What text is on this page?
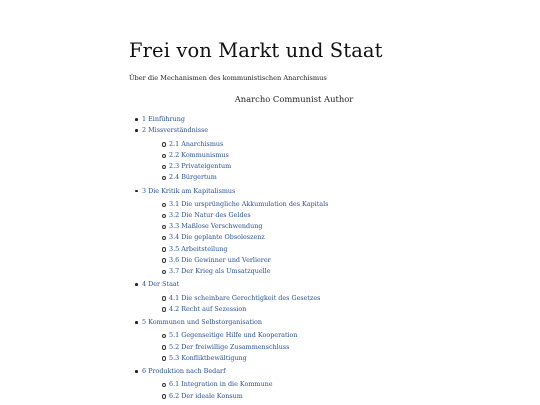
Frei von Markt und Staat
Über die Mechanismen des kommunistischen Anarchismus
Anarcho Communist Author
1 Einführung
2 Missverständnisse
2.1 Anarchismus
2.2 Kommunismus
2.3 Privateigentum
2.4 Bürgertum
3 Die Kritik am Kapitalismus
3.1 Die ursprüngliche Akkumulation des Kapitals
3.2 Die Natur des Geldes
3.3 Maßlose Verschwendung
3.4 Die geplante Obsoleszenz
3.5 Arbeitsteilung
3.6 Die Gewinner und Verlierer
3.7 Der Krieg als Umsatzquelle
4 Der Staat
4.1 Die scheinbare Gerechtigkeit des Gesetzes
4.2 Recht auf Sezession
5 Kommunen und Selbstorganisation
5.1 Gegenseitige Hilfe und Kooperation
5.2 Der freiwillige Zusammenschluss
5.3 Konfliktbewältigung
6 Produktion nach Bedarf
6.1 Integration in die Kommune
6.2 Der ideale Konsum
